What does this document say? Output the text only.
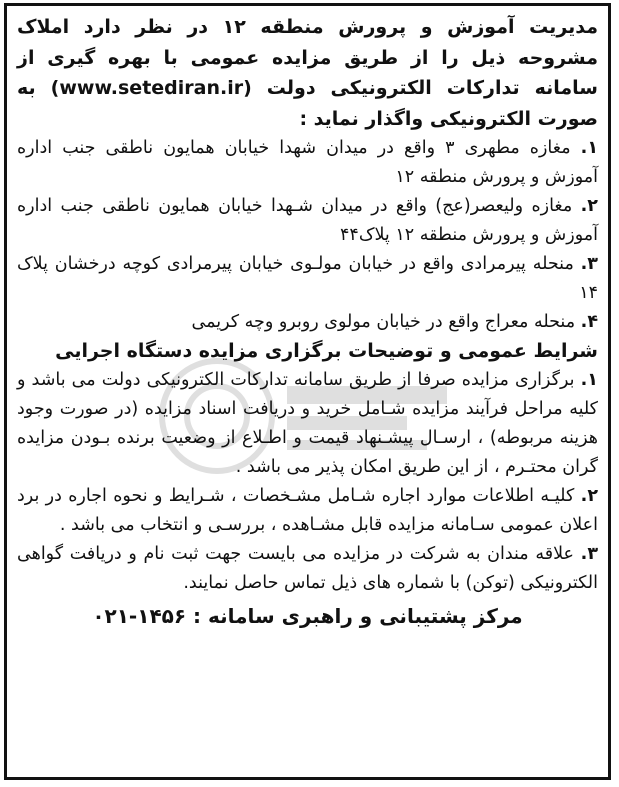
مدیریت آموزش و پرورش منطقه ۱۲ در نظر دارد املاک مشروحه ذیل را از طریق مزایده عمومی با بهره گیری از سامانه تدارکات الکترونیکی دولت (www.setediran.ir) به صورت الکترونیکی واگذار نماید :

۱. مغازه مطهری ۳ واقع در میدان شهدا خیابان همایون ناطقی جنب اداره آموزش و پرورش منطقه ۱۲

۲. مغازه ولیعصر(عج) واقع در میدان شـهدا خیابان همایون ناطقی جنب اداره آموزش و پرورش منطقه ۱۲ پلاک۴۴

۳. منحله پیرمرادی واقع در خیابان مولـوی خیابان پیرمرادی کوچه درخشان پلاک ۱۴

۴. منحله معراج واقع در خیابان مولوی روبرو وچه کریمی

شرایط عمومی و توضیحات برگزاری مزایده دستگاه اجرایی

۱. برگزاری مزایده صرفا از طریق سامانه تدارکات الکترونیکی دولت می باشد و کلیه مراحل فرآیند مزایده شـامل خرید و دریافت اسناد مزایده (در صورت وجود هزینه مربوطه) ، ارسـال پیشـنهاد قیمت و اطـلاع از وضعیت برنده بـودن مزایده گران محتـرم ، از این طریق امکان پذیر می باشد .

۲. کلیـه اطلاعات موارد اجاره شـامل مشـخصات ، شـرایط و نحوه اجاره در برد اعلان عمومی سـامانه مزایده قابل مشـاهده ، بررسـی و انتخاب می باشد .

۳. علاقه مندان به شرکت در مزایده می بایست جهت ثبت نام و دریافت گواهی الکترونیکی (توکن) با شماره های ذیل تماس حاصل نمایند.

مرکز پشتیبانی و راهبری سامانه : ۰۲۱-۱۴۵۶
